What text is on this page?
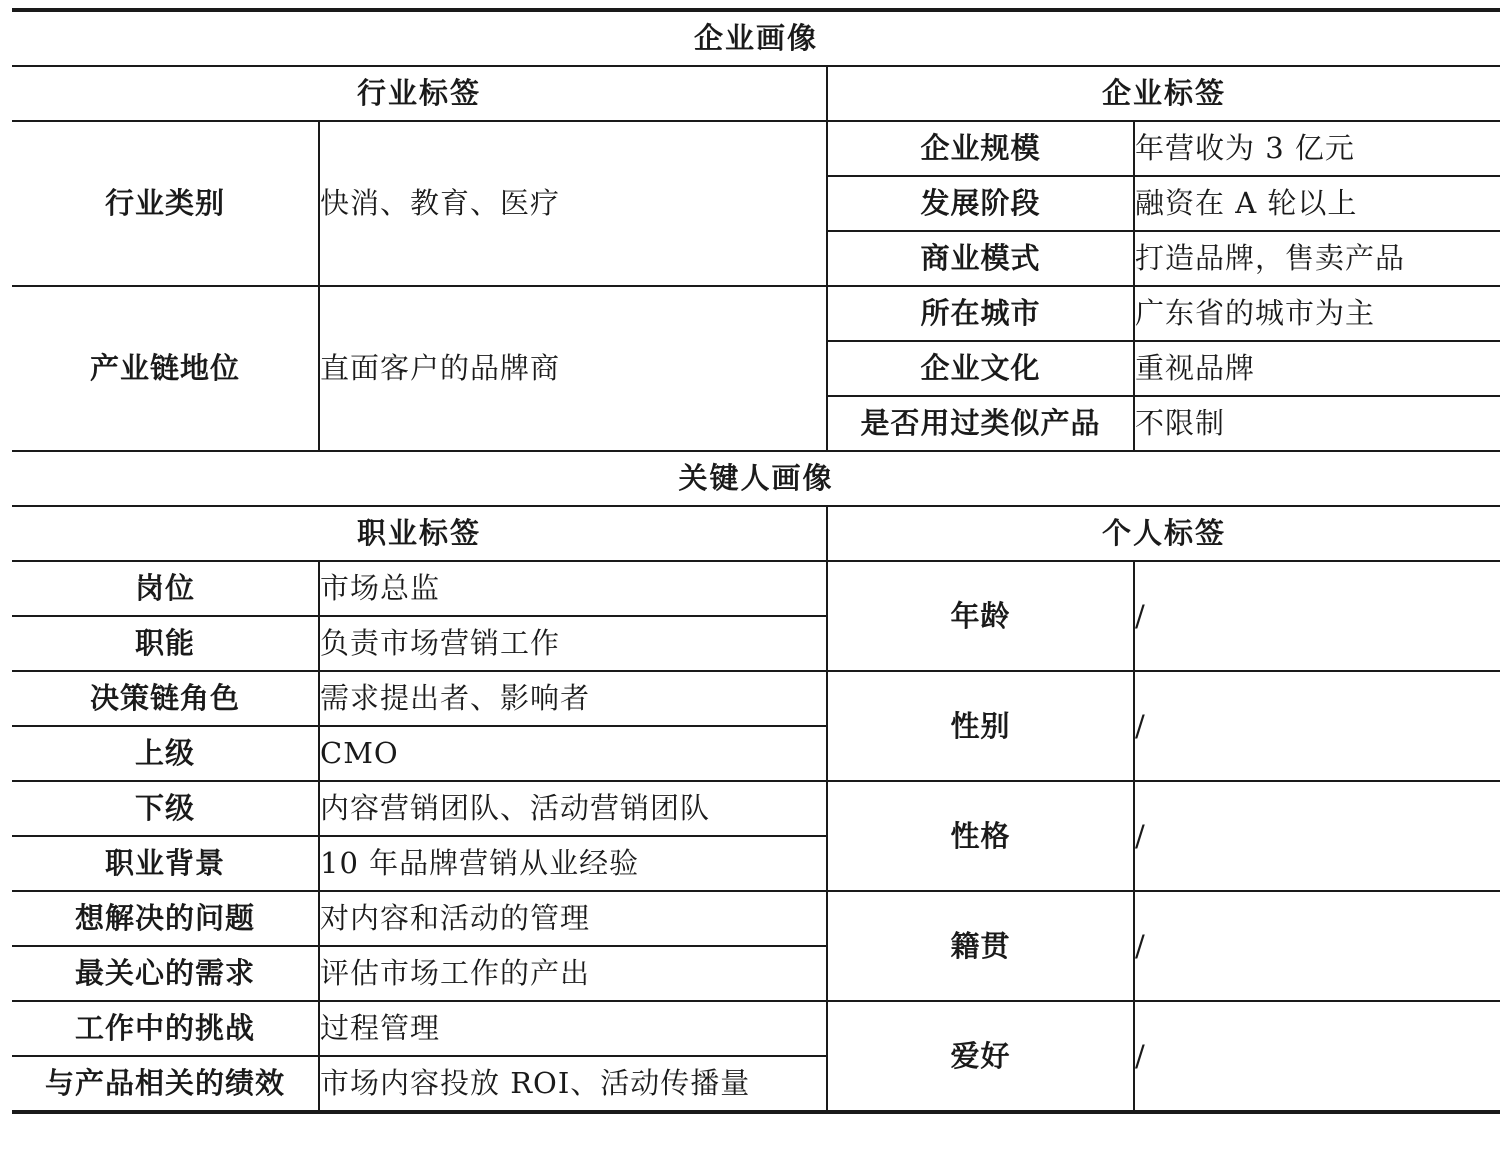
企业画像			
行业标签		企业标签	
行业类别	快消、教育、医疗	企业规模	年营收为 3 亿元
		发展阶段	融资在 A 轮以上
		商业模式	打造品牌，售卖产品
产业链地位	直面客户的品牌商	所在城市	广东省的城市为主
		企业文化	重视品牌
		是否用过类似产品	不限制
关键人画像			
职业标签		个人标签	
岗位	市场总监	年龄	/
职能	负责市场营销工作		
决策链角色	需求提出者、影响者	性别	/
上级	CMO		
下级	内容营销团队、活动营销团队	性格	/
职业背景	10 年品牌营销从业经验		
想解决的问题	对内容和活动的管理	籍贯	/
最关心的需求	评估市场工作的产出		
工作中的挑战	过程管理	爱好	/
与产品相关的绩效	市场内容投放 ROI、活动传播量		
